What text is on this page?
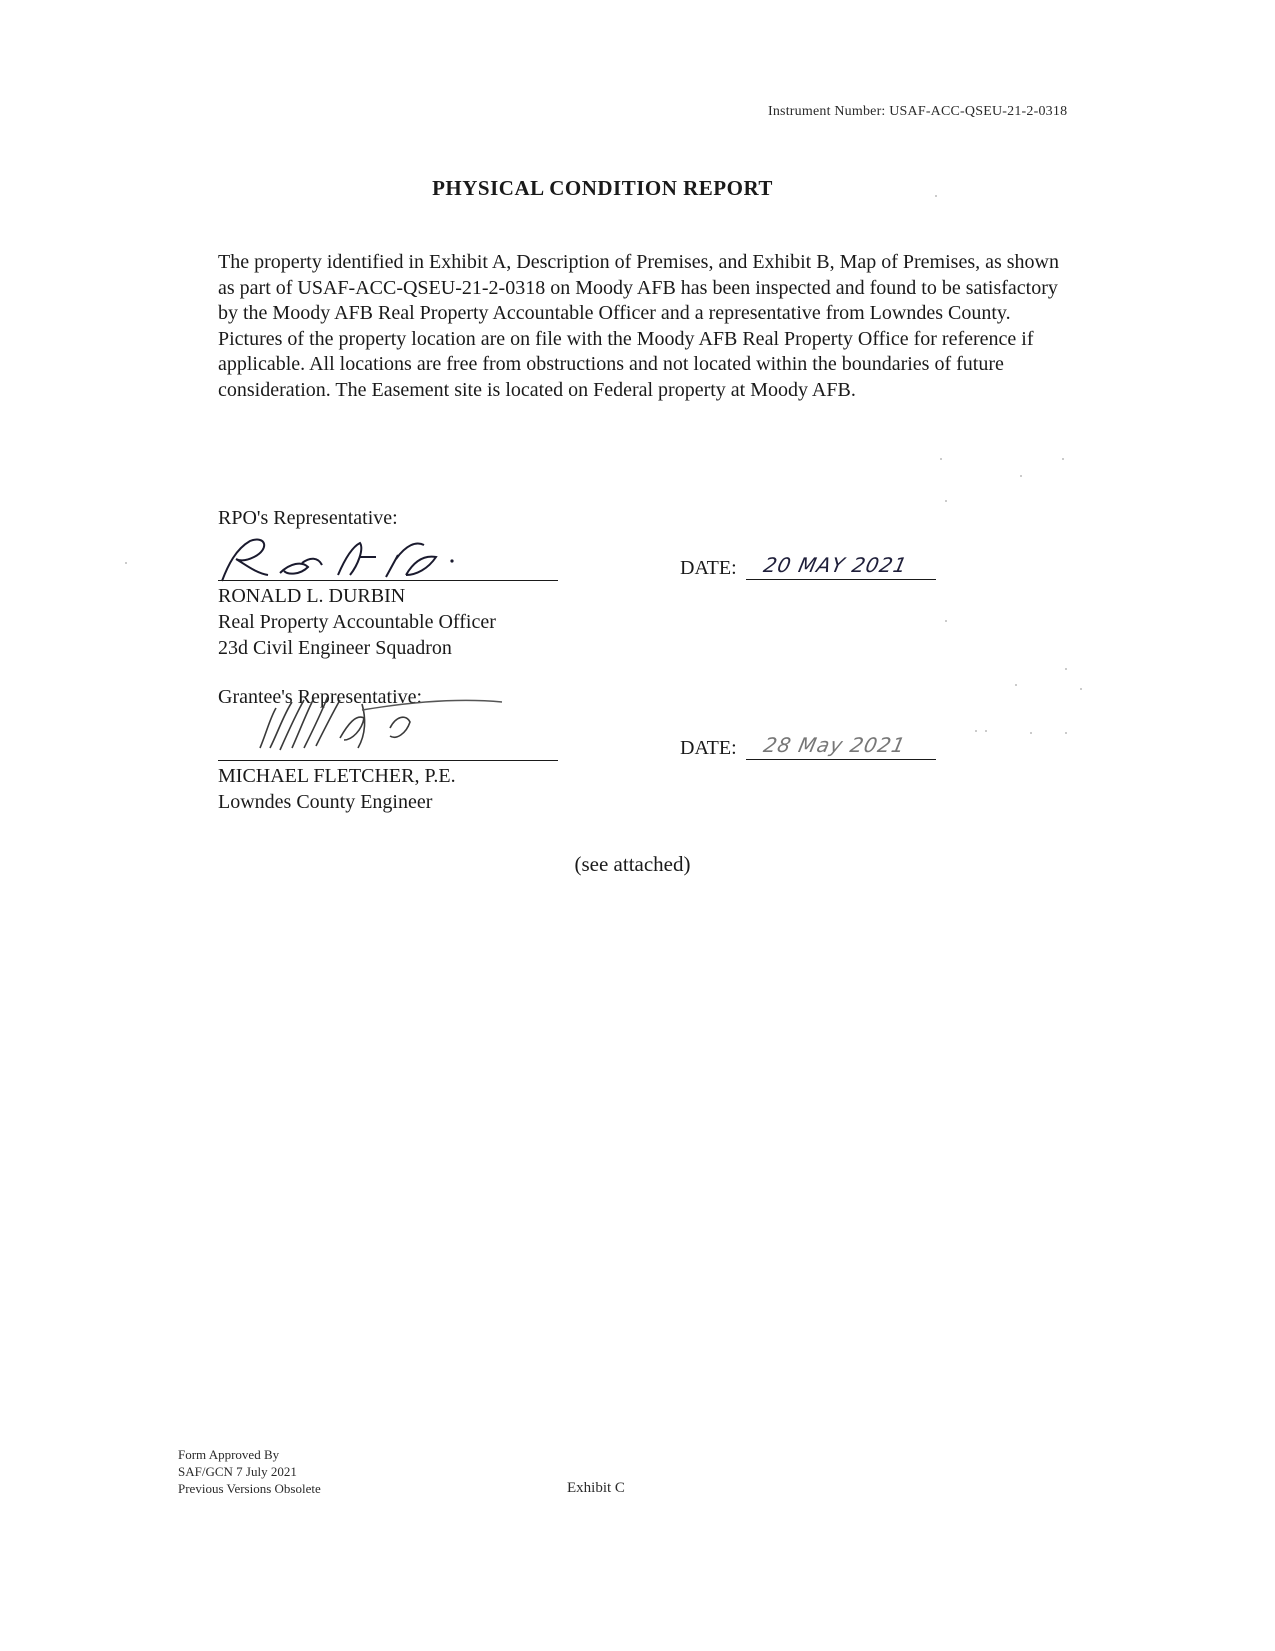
Instrument Number: USAF-ACC-QSEU-21-2-0318
PHYSICAL CONDITION REPORT
The property identified in Exhibit A, Description of Premises, and Exhibit B, Map of Premises, as shown as part of USAF-ACC-QSEU-21-2-0318 on Moody AFB has been inspected and found to be satisfactory by the Moody AFB Real Property Accountable Officer and a representative from Lowndes County. Pictures of the property location are on file with the Moody AFB Real Property Office for reference if applicable. All locations are free from obstructions and not located within the boundaries of future consideration. The Easement site is located on Federal property at Moody AFB.
RPO's Representative:
RONALD L. DURBIN
Real Property Accountable Officer
23d Civil Engineer Squadron
DATE: 20 MAY 2021
Grantee's Representative:
MICHAEL FLETCHER, P.E.
Lowndes County Engineer
DATE: 28 May 2021
(see attached)
Form Approved By
SAF/GCN 7 July 2021
Previous Versions Obsolete	Exhibit C
